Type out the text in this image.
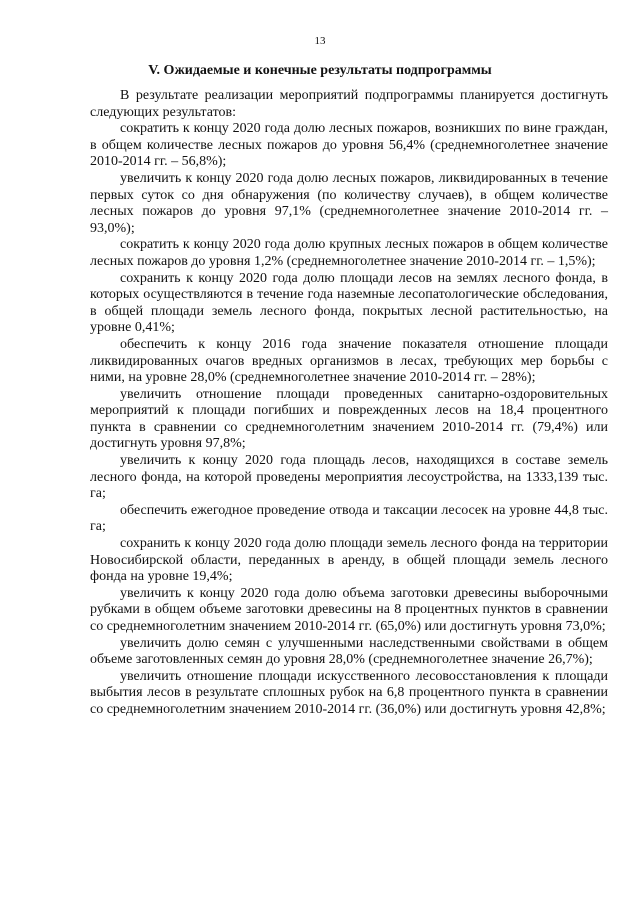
13
V. Ожидаемые и конечные результаты подпрограммы

В результате реализации мероприятий подпрограммы планируется достигнуть следующих результатов:

сократить к концу 2020 года долю лесных пожаров, возникших по вине граждан, в общем количестве лесных пожаров до уровня 56,4% (среднемноголетнее значение 2010-2014 гг. – 56,8%);

увеличить к концу 2020 года долю лесных пожаров, ликвидированных в течение первых суток со дня обнаружения (по количеству случаев), в общем количестве лесных пожаров до уровня 97,1% (среднемноголетнее значение 2010-2014 гг. – 93,0%);

сократить к концу 2020 года долю крупных лесных пожаров в общем количестве лесных пожаров до уровня 1,2% (среднемноголетнее значение 2010-2014 гг. – 1,5%);

сохранить к концу 2020 года долю площади лесов на землях лесного фонда, в которых осуществляются в течение года наземные лесопатологические обследования, в общей площади земель лесного фонда, покрытых лесной растительностью, на уровне 0,41%;

обеспечить к концу 2016 года значение показателя отношение площади ликвидированных очагов вредных организмов в лесах, требующих мер борьбы с ними, на уровне 28,0% (среднемноголетнее значение 2010-2014 гг. – 28%);

увеличить отношение площади проведенных санитарно-оздоровительных мероприятий к площади погибших и поврежденных лесов на 18,4 процентного пункта в сравнении со среднемноголетним значением 2010-2014 гг. (79,4%) или достигнуть уровня 97,8%;

увеличить к концу 2020 года площадь лесов, находящихся в составе земель лесного фонда, на которой проведены мероприятия лесоустройства, на 1333,139 тыс. га;

обеспечить ежегодное проведение отвода и таксации лесосек на уровне 44,8 тыс. га;

сохранить к концу 2020 года долю площади земель лесного фонда на территории Новосибирской области, переданных в аренду, в общей площади земель лесного фонда на уровне 19,4%;

увеличить к концу 2020 года долю объема заготовки древесины выборочными рубками в общем объеме заготовки древесины на 8 процентных пунктов в сравнении со среднемноголетним значением 2010-2014 гг. (65,0%) или достигнуть уровня 73,0%;

увеличить долю семян с улучшенными наследственными свойствами в общем объеме заготовленных семян до уровня 28,0% (среднемноголетнее значение 26,7%);

увеличить отношение площади искусственного лесовосстановления к площади выбытия лесов в результате сплошных рубок на 6,8 процентного пункта в сравнении со среднемноголетним значением 2010-2014 гг. (36,0%) или достигнуть уровня 42,8%;
